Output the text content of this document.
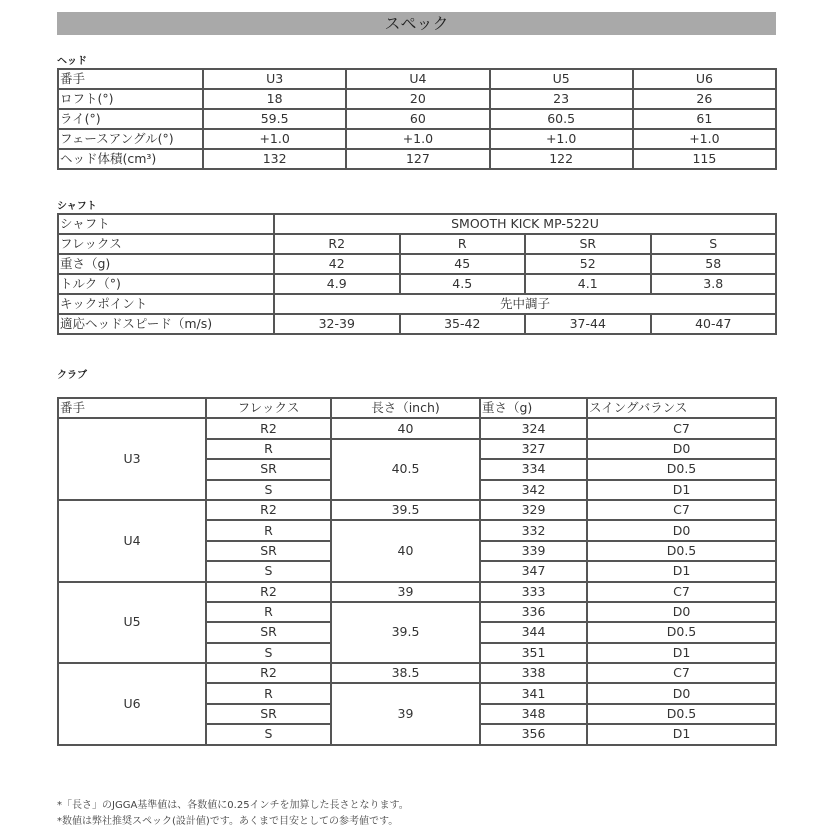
スペック
ヘッド
番手	U3	U4	U5	U6
ロフト(°)	18	20	23	26
ライ(°)	59.5	60	60.5	61
フェースアングル(°)	+1.0	+1.0	+1.0	+1.0
ヘッド体積(cm³)	132	127	122	115
シャフト
シャフト	SMOOTH KICK MP-522U			
フレックス	R2	R	SR	S
重さ（g)	42	45	52	58
トルク（°)	4.9	4.5	4.1	3.8
キックポイント	先中調子			
適応ヘッドスピード（m/s)	32-39	35-42	37-44	40-47
クラブ
番手	フレックス	長さ（inch)	重さ（g)	スイングバランス
U3	R2	40	324	C7
	R	40.5	327	D0
	SR		334	D0.5
	S		342	D1
U4	R2	39.5	329	C7
	R	40	332	D0
	SR		339	D0.5
	S		347	D1
U5	R2	39	333	C7
	R	39.5	336	D0
	SR		344	D0.5
	S		351	D1
U6	R2	38.5	338	C7
	R	39	341	D0
	SR		348	D0.5
	S		356	D1
*「長さ」のJGGA基準値は、各数値に0.25インチを加算した長さとなります。
*数値は弊社推奨スペック(設計値)です。あくまで目安としての参考値です。
